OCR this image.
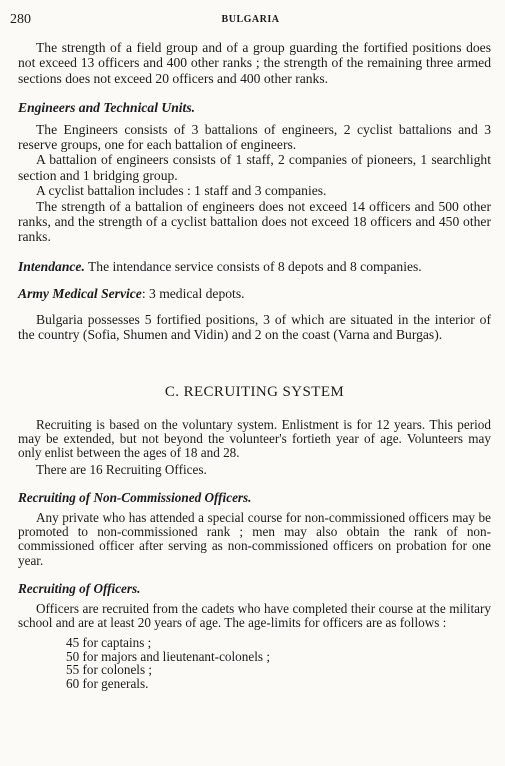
280	BULGARIA

The strength of a field group and of a group guarding the fortified positions does not exceed 13 officers and 400 other ranks ; the strength of the remaining three armed sections does not exceed 20 officers and 400 other ranks.

Engineers and Technical Units.

The Engineers consists of 3 battalions of engineers, 2 cyclist battalions and 3 reserve groups, one for each battalion of engineers.

A battalion of engineers consists of 1 staff, 2 companies of pioneers, 1 searchlight section and 1 bridging group.

A cyclist battalion includes : 1 staff and 3 companies.

The strength of a battalion of engineers does not exceed 14 officers and 500 other ranks, and the strength of a cyclist battalion does not exceed 18 officers and 450 other ranks.

Intendance. The intendance service consists of 8 depots and 8 companies.

Army Medical Service: 3 medical depots.

Bulgaria possesses 5 fortified positions, 3 of which are situated in the interior of the country (Sofia, Shumen and Vidin) and 2 on the coast (Varna and Burgas).

C. RECRUITING SYSTEM

Recruiting is based on the voluntary system. Enlistment is for 12 years. This period may be extended, but not beyond the volunteer's fortieth year of age. Volunteers may only enlist between the ages of 18 and 28.

There are 16 Recruiting Offices.

Recruiting of Non-Commissioned Officers.

Any private who has attended a special course for non-commissioned officers may be promoted to non-commissioned rank ; men may also obtain the rank of non-commissioned officer after serving as non-commissioned officers on probation for one year.

Recruiting of Officers.

Officers are recruited from the cadets who have completed their course at the military school and are at least 20 years of age. The age-limits for officers are as follows :

45 for captains ;
50 for majors and lieutenant-colonels ;
55 for colonels ;
60 for generals.
